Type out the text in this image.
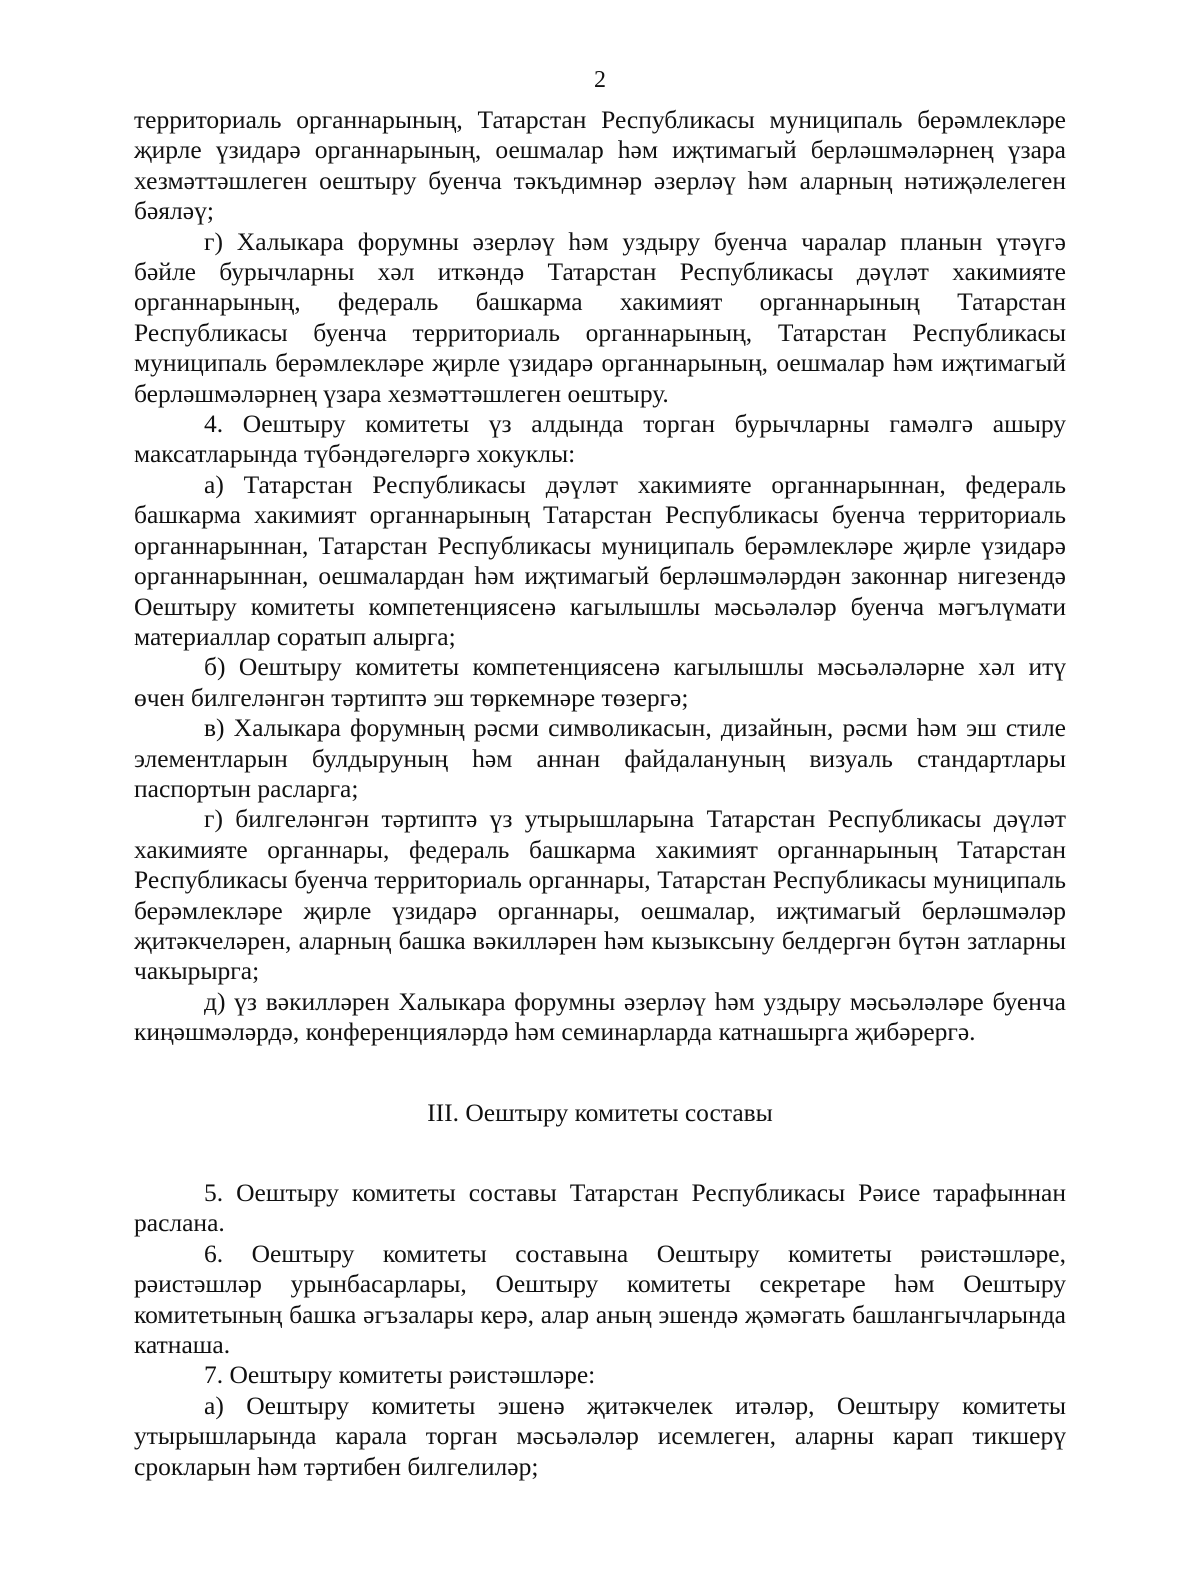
2

территориаль органнарының, Татарстан Республикасы муниципаль берәмлекләре җирле үзидарә органнарының, оешмалар һәм иҗтимагый берләшмәләрнең үзара хезмәттәшлеген оештыру буенча тәкъдимнәр әзерләү һәм аларның нәтиҗәлелеген бәяләү;

г) Халыкара форумны әзерләү һәм уздыру буенча чаралар планын үтәүгә бәйле бурычларны хәл иткәндә Татарстан Республикасы дәүләт хакимияте органнарының, федераль башкарма хакимият органнарының Татарстан Республикасы буенча территориаль органнарының, Татарстан Республикасы муниципаль берәмлекләре җирле үзидарә органнарының, оешмалар һәм иҗтимагый берләшмәләрнең үзара хезмәттәшлеген оештыру.

4. Оештыру комитеты үз алдында торган бурычларны гамәлгә ашыру максатларында түбәндәгеләргә хокуклы:

а) Татарстан Республикасы дәүләт хакимияте органнарыннан, федераль башкарма хакимият органнарының Татарстан Республикасы буенча территориаль органнарыннан, Татарстан Республикасы муниципаль берәмлекләре җирле үзидарә органнарыннан, оешмалардан һәм иҗтимагый берләшмәләрдән законнар нигезендә Оештыру комитеты компетенциясенә кагылышлы мәсьәләләр буенча мәгълүмати материаллар соратып алырга;

б) Оештыру комитеты компетенциясенә кагылышлы мәсьәләләрне хәл итү өчен билгеләнгән тәртиптә эш төркемнәре төзергә;

в) Халыкара форумның рәсми символикасын, дизайнын, рәсми һәм эш стиле элементларын булдыруның һәм аннан файдалануның визуаль стандартлары паспортын расларга;

г) билгеләнгән тәртиптә үз утырышларына Татарстан Республикасы дәүләт хакимияте органнары, федераль башкарма хакимият органнарының Татарстан Республикасы буенча территориаль органнары, Татарстан Республикасы муниципаль берәмлекләре җирле үзидарә органнары, оешмалар, иҗтимагый берләшмәләр җитәкчеләрен, аларның башка вәкилләрен һәм кызыксыну белдергән бүтән затларны чакырырга;

д) үз вәкилләрен Халыкара форумны әзерләү һәм уздыру мәсьәләләре буенча киңәшмәләрдә, конференцияләрдә һәм семинарларда катнашырга җибәрергә.

III. Оештыру комитеты составы

5. Оештыру комитеты составы Татарстан Республикасы Рәисе тарафыннан раслана.

6. Оештыру комитеты составына Оештыру комитеты рәистәшләре, рәистәшләр урынбасарлары, Оештыру комитеты секретаре һәм Оештыру комитетының башка әгъзалары керә, алар аның эшендә җәмәгать башлангычларында катнаша.

7. Оештыру комитеты рәистәшләре:

а) Оештыру комитеты эшенә җитәкчелек итәләр, Оештыру комитеты утырышларында карала торган мәсьәләләр исемлеген, аларны карап тикшерү срокларын һәм тәртибен билгелиләр;
